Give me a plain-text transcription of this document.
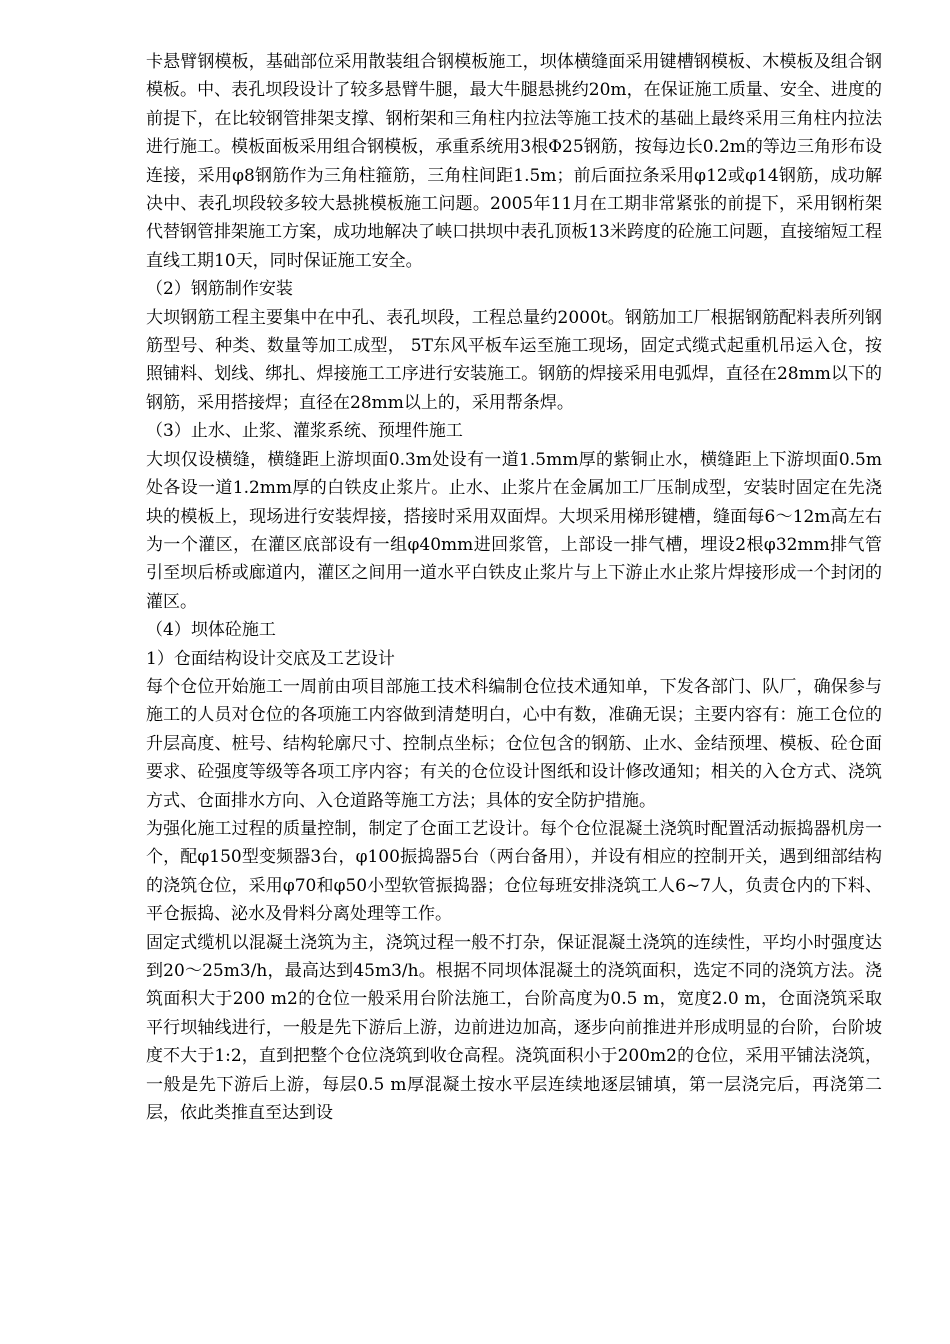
卡悬臂钢模板，基础部位采用散装组合钢模板施工，坝体横缝面采用键槽钢模板、木模板及组合钢模板。中、表孔坝段设计了较多悬臂牛腿，最大牛腿悬挑约20m，在保证施工质量、安全、进度的前提下，在比较钢管排架支撑、钢桁架和三角柱内拉法等施工技术的基础上最终采用三角柱内拉法进行施工。模板面板采用组合钢模板，承重系统用3根Φ25钢筋，按每边长0.2m的等边三角形布设连接，采用φ8钢筋作为三角柱箍筋，三角柱间距1.5m；前后面拉条采用φ12或φ14钢筋，成功解决中、表孔坝段较多较大悬挑模板施工问题。2005年11月在工期非常紧张的前提下，采用钢桁架代替钢管排架施工方案，成功地解决了峡口拱坝中表孔顶板13米跨度的砼施工问题，直接缩短工程直线工期10天，同时保证施工安全。

（2）钢筋制作安装

大坝钢筋工程主要集中在中孔、表孔坝段，工程总量约2000t。钢筋加工厂根据钢筋配料表所列钢筋型号、种类、数量等加工成型， 5T东风平板车运至施工现场，固定式缆式起重机吊运入仓，按照铺料、划线、绑扎、焊接施工工序进行安装施工。钢筋的焊接采用电弧焊，直径在28mm以下的钢筋，采用搭接焊；直径在28mm以上的，采用帮条焊。

（3）止水、止浆、灌浆系统、预埋件施工

大坝仅设横缝，横缝距上游坝面0.3m处设有一道1.5mm厚的紫铜止水，横缝距上下游坝面0.5m处各设一道1.2mm厚的白铁皮止浆片。止水、止浆片在金属加工厂压制成型，安装时固定在先浇块的模板上，现场进行安装焊接，搭接时采用双面焊。大坝采用梯形键槽，缝面每6～12m高左右为一个灌区，在灌区底部设有一组φ40mm进回浆管，上部设一排气槽，埋设2根φ32mm排气管引至坝后桥或廊道内，灌区之间用一道水平白铁皮止浆片与上下游止水止浆片焊接形成一个封闭的灌区。

（4）坝体砼施工

1）仓面结构设计交底及工艺设计

每个仓位开始施工一周前由项目部施工技术科编制仓位技术通知单，下发各部门、队厂，确保参与施工的人员对仓位的各项施工内容做到清楚明白，心中有数，准确无误；主要内容有：施工仓位的升层高度、桩号、结构轮廓尺寸、控制点坐标；仓位包含的钢筋、止水、金结预埋、模板、砼仓面要求、砼强度等级等各项工序内容；有关的仓位设计图纸和设计修改通知；相关的入仓方式、浇筑方式、仓面排水方向、入仓道路等施工方法；具体的安全防护措施。

为强化施工过程的质量控制，制定了仓面工艺设计。每个仓位混凝土浇筑时配置活动振捣器机房一个，配φ150型变频器3台，φ100振捣器5台（两台备用），并设有相应的控制开关，遇到细部结构的浇筑仓位，采用φ70和φ50小型软管振捣器；仓位每班安排浇筑工人6~7人，负责仓内的下料、平仓振捣、泌水及骨料分离处理等工作。

固定式缆机以混凝土浇筑为主，浇筑过程一般不打杂，保证混凝土浇筑的连续性，平均小时强度达到20～25m3/h，最高达到45m3/h。根据不同坝体混凝土的浇筑面积，选定不同的浇筑方法。浇筑面积大于200 m2的仓位一般采用台阶法施工，台阶高度为0.5 m，宽度2.0 m，仓面浇筑采取平行坝轴线进行，一般是先下游后上游，边前进边加高，逐步向前推进并形成明显的台阶，台阶坡度不大于1:2，直到把整个仓位浇筑到收仓高程。浇筑面积小于200m2的仓位，采用平铺法浇筑，一般是先下游后上游，每层0.5 m厚混凝土按水平层连续地逐层铺填，第一层浇完后，再浇第二层，依此类推直至达到设
